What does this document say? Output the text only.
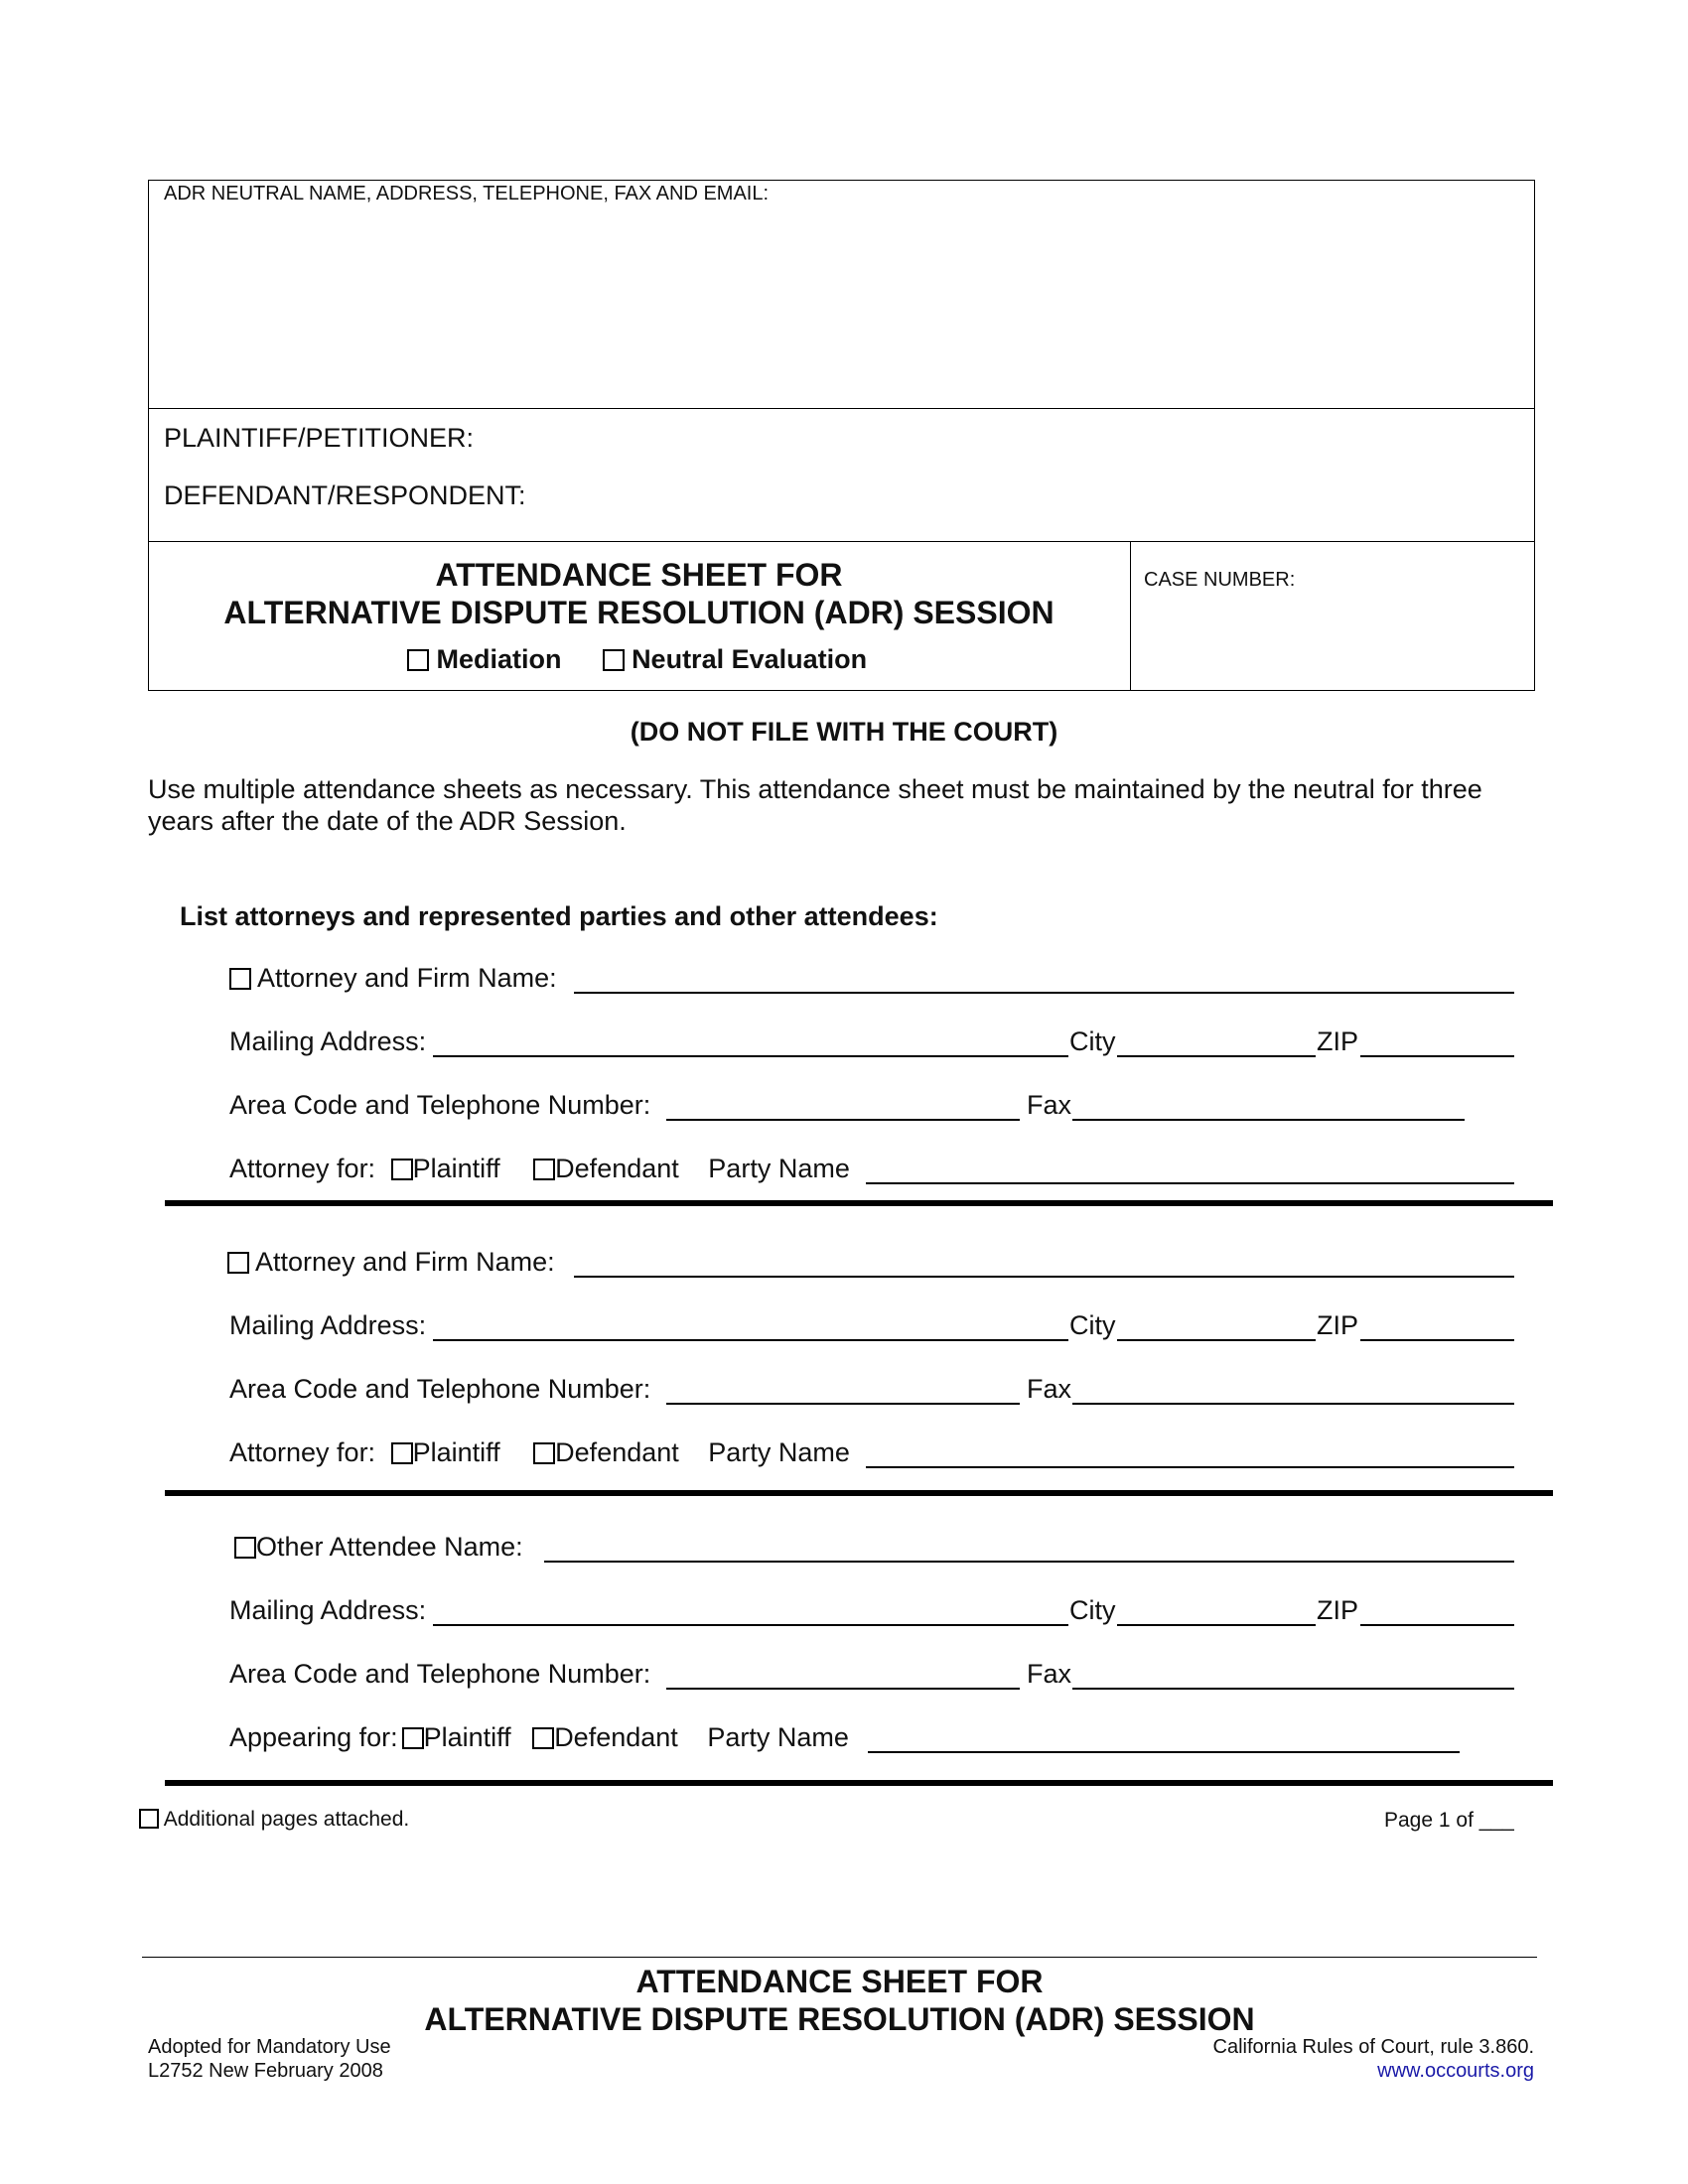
ADR NEUTRAL NAME, ADDRESS, TELEPHONE, FAX AND EMAIL:
PLAINTIFF/PETITIONER:
DEFENDANT/RESPONDENT:
ATTENDANCE SHEET FOR
ALTERNATIVE DISPUTE RESOLUTION (ADR) SESSION
Mediation	Neutral Evaluation
CASE NUMBER:
(DO NOT FILE WITH THE COURT)
Use multiple attendance sheets as necessary. This attendance sheet must be maintained by the neutral for three
years after the date of the ADR Session.
List attorneys and represented parties and other attendees:
Attorney and Firm Name:
Mailing Address:	City	ZIP
Area Code and Telephone Number:	Fax
Attorney for: Plaintiff Defendant Party Name
Attorney and Firm Name:
Mailing Address:	City	ZIP
Area Code and Telephone Number:	Fax
Attorney for: Plaintiff Defendant Party Name
Other Attendee Name:
Mailing Address:	City	ZIP
Area Code and Telephone Number:	Fax
Appearing for: Plaintiff Defendant Party Name
Additional pages attached.	Page 1 of ___
ATTENDANCE SHEET FOR
ALTERNATIVE DISPUTE RESOLUTION (ADR) SESSION
Adopted for Mandatory Use
L2752 New February 2008
California Rules of Court, rule 3.860.
www.occourts.org
